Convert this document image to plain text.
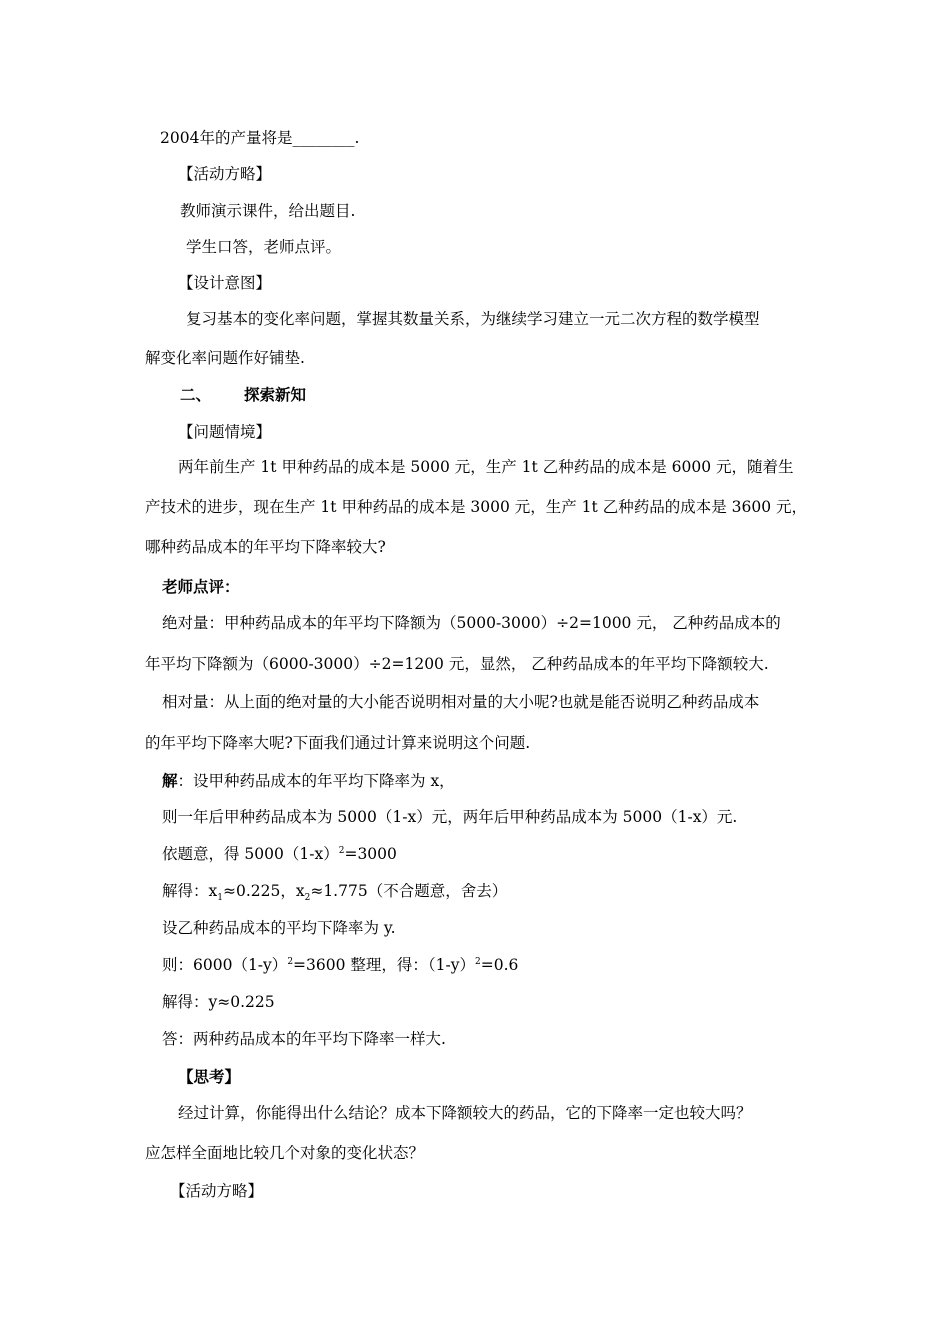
2004年的产量将是________.
【活动方略】
教师演示课件，给出题目.
学生口答，老师点评。
【设计意图】
复习基本的变化率问题，掌握其数量关系，为继续学习建立一元二次方程的数学模型
解变化率问题作好铺垫.
二、 探索新知
【问题情境】
两年前生产 1t 甲种药品的成本是 5000 元，生产 1t 乙种药品的成本是 6000 元，随着生
产技术的进步，现在生产 1t 甲种药品的成本是 3000 元，生产 1t 乙种药品的成本是 3600 元，
哪种药品成本的年平均下降率较大?
老师点评：
绝对量：甲种药品成本的年平均下降额为（5000-3000）÷2=1000 元， 乙种药品成本的
年平均下降额为（6000-3000）÷2=1200 元，显然， 乙种药品成本的年平均下降额较大.
相对量：从上面的绝对量的大小能否说明相对量的大小呢?也就是能否说明乙种药品成本
的年平均下降率大呢?下面我们通过计算来说明这个问题.
解：设甲种药品成本的年平均下降率为 x，
则一年后甲种药品成本为 5000（1-x）元，两年后甲种药品成本为 5000（1-x）元.
依题意，得 $5000(1-x)^2=3000$
解得：$x_1\approx 0.225$，$x_2\approx 1.775$（不合题意，舍去）
设乙种药品成本的平均下降率为 y.
则：$6000(1-y)^2=3600$ 整理，得：$(1-y)^2=0.6$
解得：y≈0.225
答：两种药品成本的年平均下降率一样大.
【思考】
经过计算，你能得出什么结论？成本下降额较大的药品，它的下降率一定也较大吗？
应怎样全面地比较几个对象的变化状态？
【活动方略】
